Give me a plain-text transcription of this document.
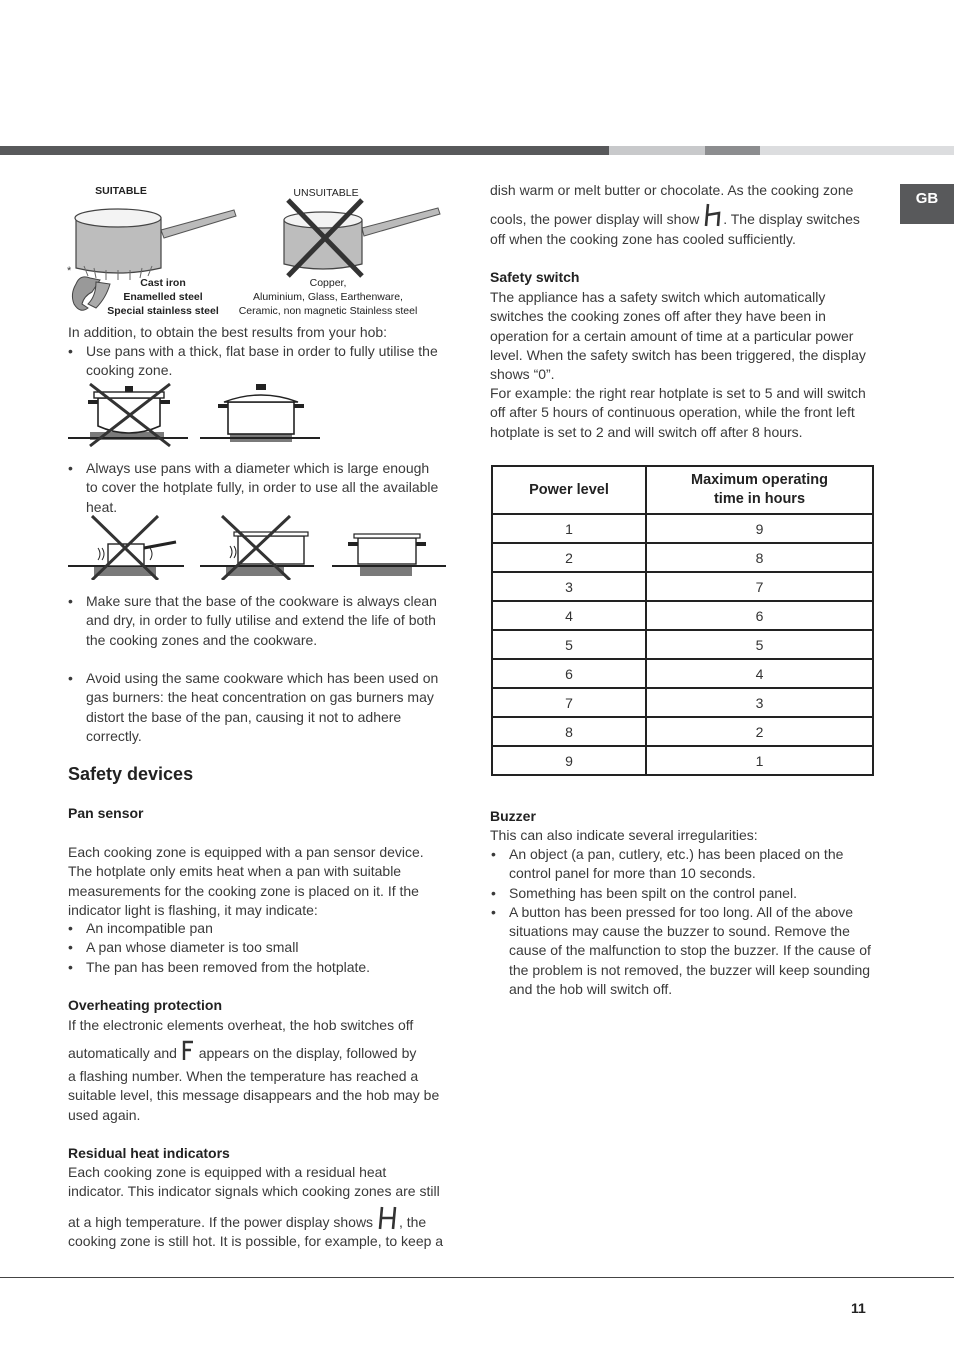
GB
SUITABLE	UNSUITABLE
*
Cast iron
Enamelled steel
Special stainless steel
Copper,
Aluminium, Glass, Earthenware,
Ceramic, non magnetic Stainless steel

In addition, to obtain the best results from your hob:

• Use pans with a thick, flat base in order to fully utilise the cooking zone.
• Always use pans with a diameter which is large enough to cover the hotplate fully, in order to use all the available heat.
• Make sure that the base of the cookware is always clean and dry, in order to fully utilise and extend the life of both the cooking zones and the cookware.
• Avoid using the same cookware which has been used on gas burners: the heat concentration on gas burners may distort the base of the pan, causing it not to adhere correctly.
Safety devices
Pan sensor

Each cooking zone is equipped with a pan sensor device. The hotplate only emits heat when a pan with suitable measurements for the cooking zone is placed on it. If the indicator light is flashing, it may indicate:

• An incompatible pan
• A pan whose diameter is too small
• The pan has been removed from the hotplate.
Overheating protection

If the electronic elements overheat, the hob switches off

automatically and appears on the display, followed by

a flashing number. When the temperature has reached a suitable level, this message disappears and the hob may be used again.

Residual heat indicators

Each cooking zone is equipped with a residual heat indicator. This indicator signals which cooking zones are still

at a high temperature. If the power display shows , the

cooking zone is still hot. It is possible, for example, to keep a

dish warm or melt butter or chocolate. As the cooking zone

cools, the power display will show . The display switches

off when the cooking zone has cooled sufficiently.

Safety switch

The appliance has a safety switch which automatically switches the cooking zones off after they have been in operation for a certain amount of time at a particular power level. When the safety switch has been triggered, the display shows “0”.

For example: the right rear hotplate is set to 5 and will switch off after 5 hours of continuous operation, while the front left hotplate is set to 2 and will switch off after 8 hours.

Power level	Maximum operating
time in hours

1	9
2	8
3	7
4	6
5	5
6	4
7	3
8	2
9	1
Buzzer

This can also indicate several irregularities:

• An object (a pan, cutlery, etc.) has been placed on the control panel for more than 10 seconds.
• Something has been spilt on the control panel.
• A button has been pressed for too long. All of the above situations may cause the buzzer to sound. Remove the cause of the malfunction to stop the buzzer. If the cause of the problem is not removed, the buzzer will keep sounding and the hob will switch off.
11
